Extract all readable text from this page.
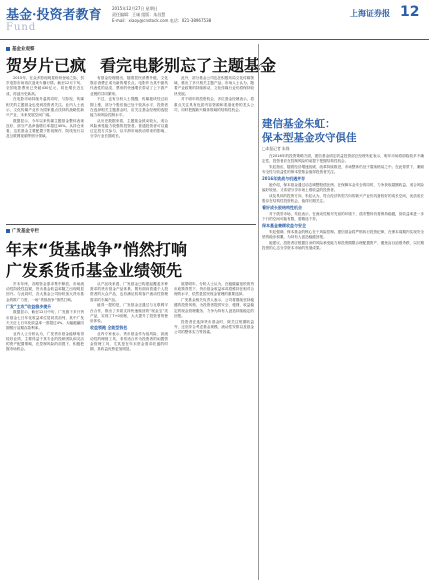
基金·投资者教育
Fund
2015年12月27日 星期日
责任编辑：王诚 组版：朱昌慧
E-mail：xiaoy@cnstock.com 电话：021-38967538
上海证券报 12
基金业观察
贺岁片已疯 看完电影别忘了主题基金

2015年，在众多影视明星纷纷登场之际，贺岁电影市场再次迎来火爆行情。截至12月下旬，全国电影票房已突破430亿元，同比增长近五成，再创历史新高。

在电影市场持续升温的同时，与影视、传媒相关的主题基金也受到投资者关注。业内人士表示，文化传媒产业作为国家重点扶持的战略性新兴产业，未来发展空间广阔。

数据显示，今年以来传媒主题基金整体表现良好，部分产品净值增长率超过40%。从持仓来看，这类基金主要配置于影视制作、院线发行以及互联网视频等细分领域。

有基金经理指出，随着居民消费升级，文化娱乐消费正成为新的增长点。电影作为其中最具代表性的品类，票房的快速增长带动了上下游产业链的共同繁荣。

不过，也有分析人士提醒，传媒板块经过前期上涨，部分个股估值已处于较高水平，投资者在选择相关主题基金时，应关注基金经理的选股能力和风险控制水平。

从历史数据来看，主题基金波动较大，适合风险承受能力较强的投资者。普通投资者可以通过定投方式参与，以平滑市场波动带来的影响，分享行业长期成长。

此外，部分基金公司也在积极布局文化传媒领域，推出了多只相关主题产品。市场人士认为，随着产业政策的持续推动，文化传媒行业仍将保持较快发展。

对于明年的投资机会，多位基金经理表示，将重点关注具有优质内容资源和渠道优势的龙头公司，同时把握新兴媒体领域的结构性机会。

广发基金专栏
年末“货基战争”悄然打响
广发系货币基金业绩领先

岁末年终，各路资金需求集中释放，市场流动性阶段性趋紧，货币基金收益率随之出现明显回升。与此同时，各大基金公司纷纷加大货币基金的推广力度，一场“货基战争”悄然打响。

广发“主攻”收益稳步提升

数据显示，截至12月中旬，广发旗下多只货币基金七日年化收益率位居同类前列，其中广发天天红七日年化收益率一度超过4%，大幅跑赢同期银行活期存款利率。

业内人士分析认为，广发货币基金能够取得较好业绩，主要得益于其专业的投研团队和灵活的资产配置策略，在控制风险的前提下，积极把握市场机会。

从产品线来看，广发基金已构建起覆盖多种需求的货币基金产品体系，既有面向普通个人投资者的大众产品，也有满足机构客户流动性管理需求的专属产品。

值得一提的是，广发基金还通过与互联网平台合作，推出了多款支持快速赎回的“现金宝”类产品，实现了T+0到账，大大提升了投资者的使用体验。

收益领跑 全能型钱包

业内专家表示，货币基金作为低风险、高流动性的理财工具，非常适合作为投资者的闲置资金管理工具，尤其是在年末资金需求旺盛的时期，其收益优势更加明显。

展望明年，分析人士认为，在稳健偏宽松的货币政策背景下，货币基金收益率或将维持在相对合理的水平，依然是居民现金管理的重要选择。

广发基金相关负责人表示，公司将继续坚持稳健的投资风格，为投资者提供安全、便捷、收益稳定的现金管理服务，力争为持有人创造持续稳定的回报。

投资者在选择货币基金时，除关注短期收益外，还应综合考虑基金规模、流动性安排以及基金公司的整体实力等因素。

建信基金朱虹：
保本型基金攻守俱佳
□本报记者 朱姝

在2016年的投资策略方面，建信基金固定收益投资部总经理朱虹表示，明年市场将面临较多不确定性，投资者应在控制风险的前提下把握结构性机会。

朱虹指出，随着经济增速放缓、改革持续推进，市场整体仍处于震荡格局之中。在此背景下，兼顾安全性与收益性的保本型基金值得投资者关注。

2016年挑战与机遇并存

她介绍，保本基金通过动态调整股债比例，在保障本金安全的同时，力争获取超额收益，适合风险偏好较低、又希望分享市场上涨收益的投资者。

谈及具体的投资方向，朱虹认为，符合经济转型方向的新兴产业仍具备较好的成长空间，优质成长股存在结构性投资机会，值得长期关注。

看好成长股结构性机会

对于债券市场，朱虹表示，在流动性相对充裕的环境下，债市整体仍将保持稳健，但收益率进一步下行的空间可能有限，需精选个券。

保本基金兼顾收益与安全

朱虹强调，保本基金的核心在于风险控制。建信基金将严格执行投资纪律，在保本周期内实现安全垫的稳步积累，为持有人创造稳健回报。

她建议，投资者应根据自身的风险承受能力和投资期限合理配置资产，避免盲目追涨杀跌，以长期投资的心态分享资本市场的发展成果。
